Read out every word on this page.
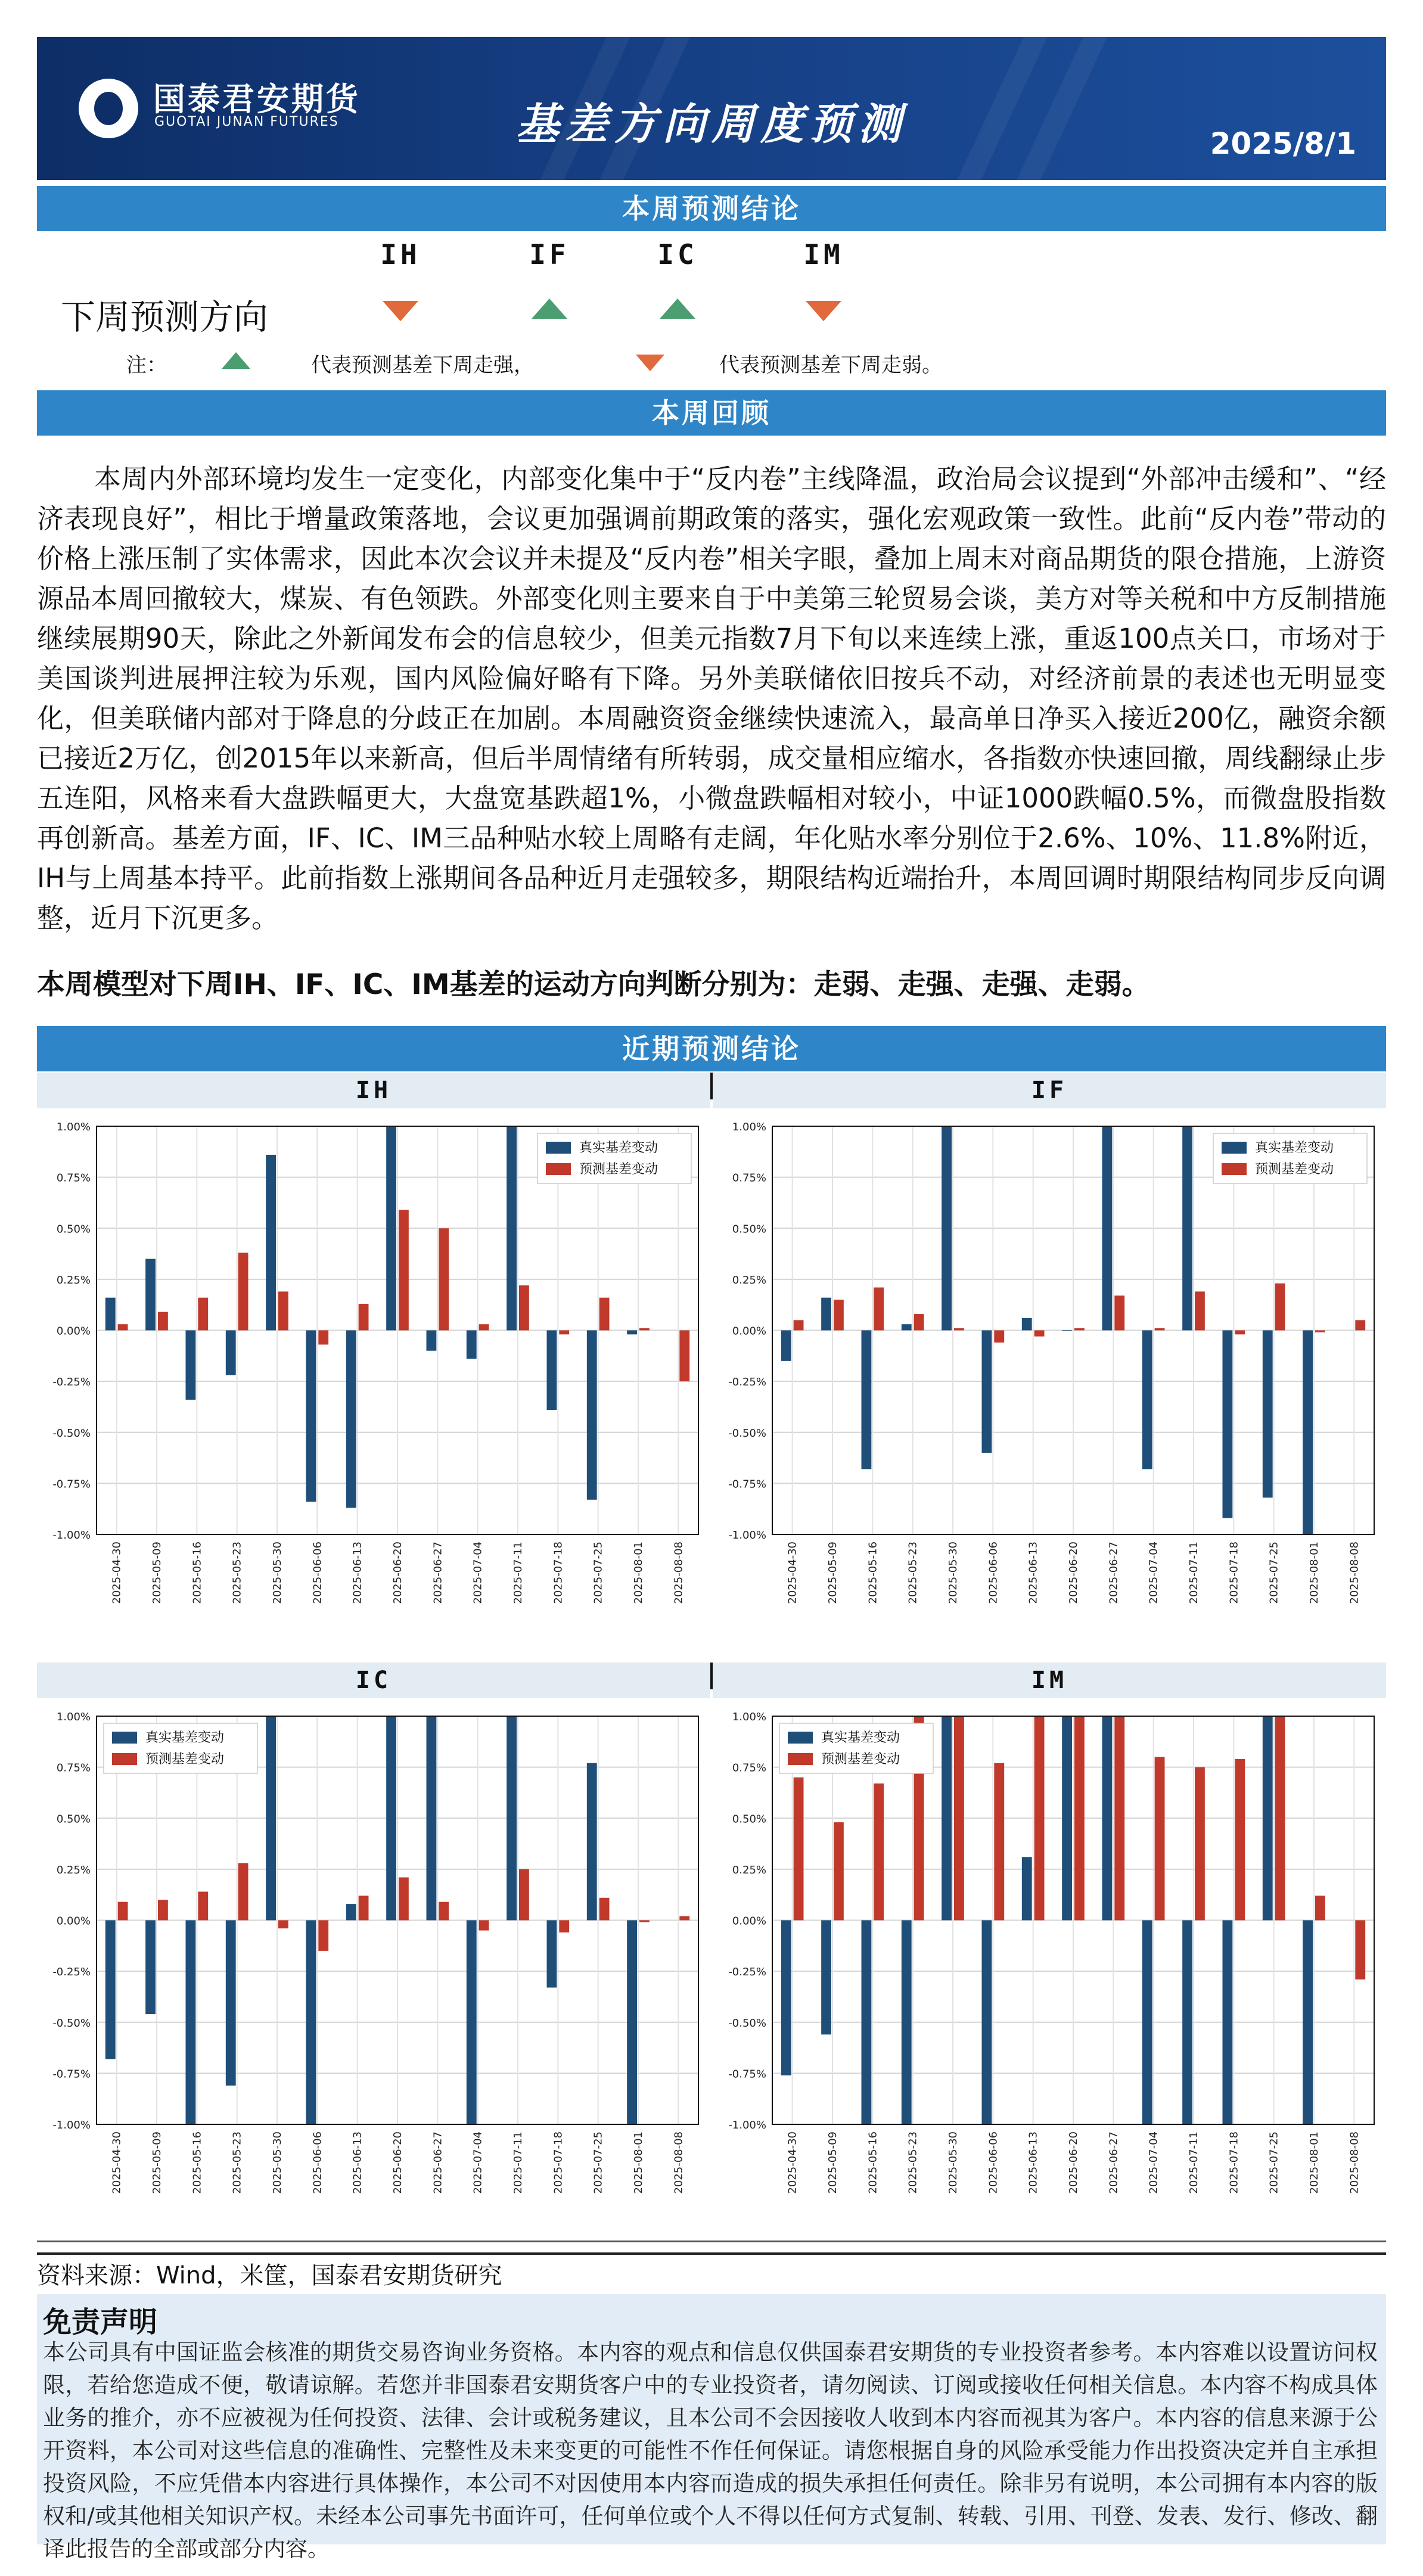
国泰君安期货
GUOTAI JUNAN FUTURES	基差方向周度预测	2025/8/1
本周预测结论
IH	IF	IC	IM
下周预测方向
注：	代表预测基差下周走强，	代表预测基差下周走弱。
本周回顾

本周内外部环境均发生一定变化，内部变化集中于“反内卷”主线降温，政治局会议提到“外部冲击缓和”、“经济表现良好”，相比于增量政策落地，会议更加强调前期政策的落实，强化宏观政策一致性。此前“反内卷”带动的价格上涨压制了实体需求，因此本次会议并未提及“反内卷”相关字眼，叠加上周末对商品期货的限仓措施，上游资源品本周回撤较大，煤炭、有色领跌。外部变化则主要来自于中美第三轮贸易会谈，美方对等关税和中方反制措施继续展期90天，除此之外新闻发布会的信息较少，但美元指数7月下旬以来连续上涨，重返100点关口，市场对于美国谈判进展押注较为乐观，国内风险偏好略有下降。另外美联储依旧按兵不动，对经济前景的表述也无明显变化，但美联储内部对于降息的分歧正在加剧。本周融资资金继续快速流入，最高单日净买入接近200亿，融资余额已接近2万亿，创2015年以来新高，但后半周情绪有所转弱，成交量相应缩水，各指数亦快速回撤，周线翻绿止步五连阳，风格来看大盘跌幅更大，大盘宽基跌超1%，小微盘跌幅相对较小，中证1000跌幅0.5%，而微盘股指数再创新高。基差方面，IF、IC、IM三品种贴水较上周略有走阔，年化贴水率分别位于2.6%、10%、11.8%附近，IH与上周基本持平。此前指数上涨期间各品种近月走强较多，期限结构近端抬升，本周回调时期限结构同步反向调整，近月下沉更多。

本周模型对下周IH、IF、IC、IM基差的运动方向判断分别为：走弱、走强、走强、走弱。
近期预测结论
IH
1.00%
0.75%
0.50%
0.25%
0.00%
-0.25%
-0.50%
-0.75%
-1.00%
2025-04-30	2025-05-09	2025-05-16	2025-05-23	2025-05-30	2025-06-06	2025-06-13	2025-06-20	2025-06-27	2025-07-04	2025-07-11	2025-07-18	2025-07-25	2025-08-01	2025-08-08
真实基差变动
预测基差变动
IF
1.00%
0.75%
0.50%
0.25%
0.00%
-0.25%
-0.50%
-0.75%
-1.00%
2025-04-30	2025-05-09	2025-05-16	2025-05-23	2025-05-30	2025-06-06	2025-06-13	2025-06-20	2025-06-27	2025-07-04	2025-07-11	2025-07-18	2025-07-25	2025-08-01	2025-08-08
真实基差变动
预测基差变动
IC
1.00%
0.75%
0.50%
0.25%
0.00%
-0.25%
-0.50%
-0.75%
-1.00%
2025-04-30	2025-05-09	2025-05-16	2025-05-23	2025-05-30	2025-06-06	2025-06-13	2025-06-20	2025-06-27	2025-07-04	2025-07-11	2025-07-18	2025-07-25	2025-08-01	2025-08-08
真实基差变动
预测基差变动
IM
1.00%
0.75%
0.50%
0.25%
0.00%
-0.25%
-0.50%
-0.75%
-1.00%
2025-04-30	2025-05-09	2025-05-16	2025-05-23	2025-05-30	2025-06-06	2025-06-13	2025-06-20	2025-06-27	2025-07-04	2025-07-11	2025-07-18	2025-07-25	2025-08-01	2025-08-08
真实基差变动
预测基差变动
资料来源：Wind，米筐，国泰君安期货研究
免责声明
本公司具有中国证监会核准的期货交易咨询业务资格。本内容的观点和信息仅供国泰君安期货的专业投资者参考。本内容难以设置访问权限，若给您造成不便，敬请谅解。若您并非国泰君安期货客户中的专业投资者，请勿阅读、订阅或接收任何相关信息。本内容不构成具体业务的推介，亦不应被视为任何投资、法律、会计或税务建议，且本公司不会因接收人收到本内容而视其为客户。本内容的信息来源于公开资料，本公司对这些信息的准确性、完整性及未来变更的可能性不作任何保证。请您根据自身的风险承受能力作出投资决定并自主承担投资风险，不应凭借本内容进行具体操作，本公司不对因使用本内容而造成的损失承担任何责任。除非另有说明，本公司拥有本内容的版权和/或其他相关知识产权。未经本公司事先书面许可，任何单位或个人不得以任何方式复制、转载、引用、刊登、发表、发行、修改、翻译此报告的全部或部分内容。
